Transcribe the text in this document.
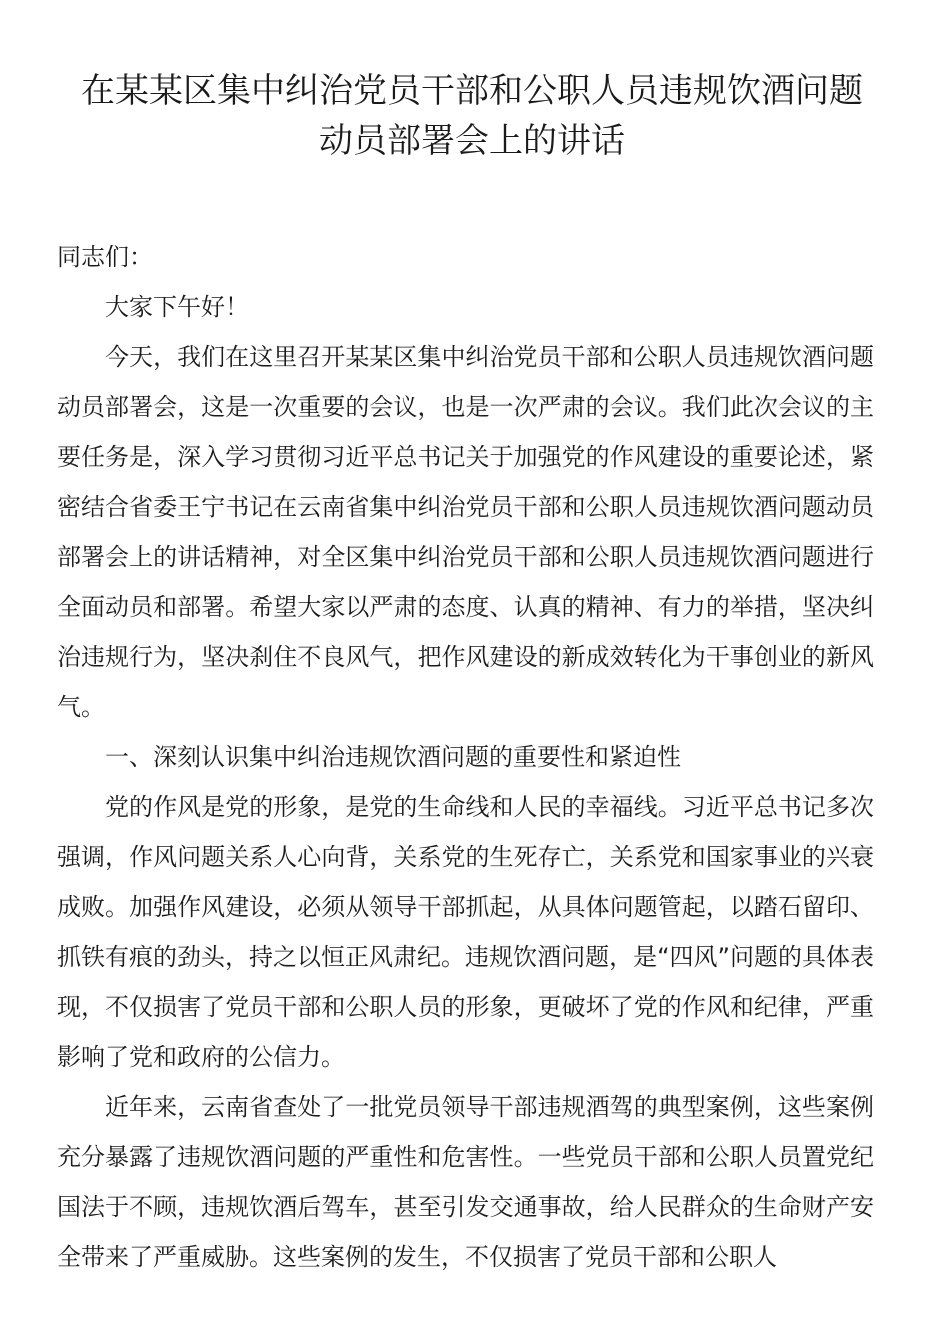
在某某区集中纠治党员干部和公职人员违规饮酒问题
动员部署会上的讲话

同志们：

大家下午好！

今天，我们在这里召开某某区集中纠治党员干部和公职人员违规饮酒问题动员部署会，这是一次重要的会议，也是一次严肃的会议。我们此次会议的主要任务是，深入学习贯彻习近平总书记关于加强党的作风建设的重要论述，紧密结合省委王宁书记在云南省集中纠治党员干部和公职人员违规饮酒问题动员部署会上的讲话精神，对全区集中纠治党员干部和公职人员违规饮酒问题进行全面动员和部署。希望大家以严肃的态度、认真的精神、有力的举措，坚决纠治违规行为，坚决刹住不良风气，把作风建设的新成效转化为干事创业的新风气。

一、深刻认识集中纠治违规饮酒问题的重要性和紧迫性

党的作风是党的形象，是党的生命线和人民的幸福线。习近平总书记多次强调，作风问题关系人心向背，关系党的生死存亡，关系党和国家事业的兴衰成败。加强作风建设，必须从领导干部抓起，从具体问题管起，以踏石留印、抓铁有痕的劲头，持之以恒正风肃纪。违规饮酒问题，是“四风”问题的具体表现，不仅损害了党员干部和公职人员的形象，更破坏了党的作风和纪律，严重影响了党和政府的公信力。

近年来，云南省查处了一批党员领导干部违规酒驾的典型案例，这些案例充分暴露了违规饮酒问题的严重性和危害性。一些党员干部和公职人员置党纪国法于不顾，违规饮酒后驾车，甚至引发交通事故，给人民群众的生命财产安全带来了严重威胁。这些案例的发生，不仅损害了党员干部和公职人
